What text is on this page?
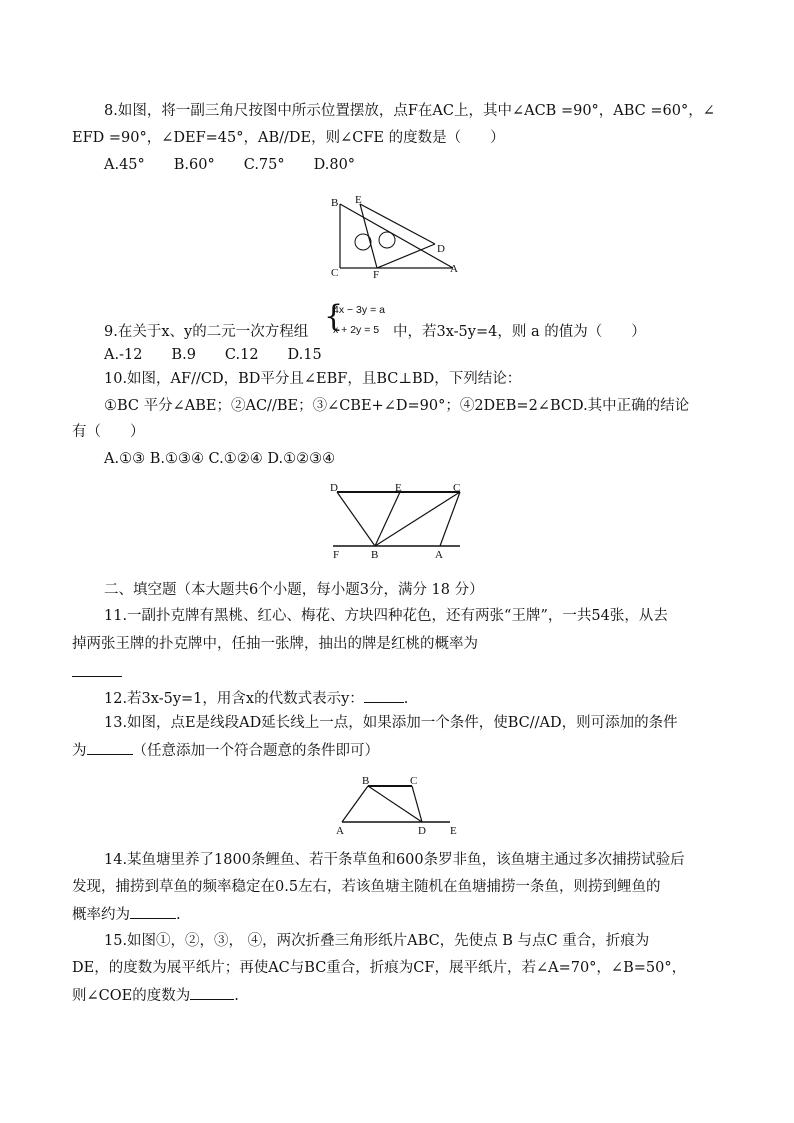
8.如图，将一副三角尺按图中所示位置摆放，点F在AC上，其中∠ACB =90°，ABC =60°，∠
EFD =90°，∠DEF=45°，AB//DE，则∠CFE 的度数是（　　）
A.45°　　B.60°　　C.75°　　D.80°
B E
D
C	F	A
9.在关于x、y的二元一次方程组 {
4x − 3y = a
x + 2y = 5 中，若3x-5y=4，则 a 的值为（　　）
A.-12　　B.9　　C.12　　D.15
10.如图，AF//CD，BD平分且∠EBF，且BC⊥BD，下列结论：
①BC 平分∠ABE；②AC//BE；③∠CBE+∠D=90°；④2DEB=2∠BCD.其中正确的结论
有（　　）
A.①③ B.①③④ C.①②④ D.①②③④
D	E	C
F	B	A
二、填空题（本大题共6个小题，每小题3分，满分 18 分）
11.一副扑克牌有黑桃、红心、梅花、方块四种花色，还有两张“王牌”，一共54张，从去
掉两张王牌的扑克牌中，任抽一张牌，抽出的牌是红桃的概率为
12.若3x-5y=1，用含x的代数式表示y：	.
13.如图，点E是线段AD延长线上一点，如果添加一个条件，使BC//AD，则可添加的条件
为	（任意添加一个符合题意的条件即可）
B	C
A	D E
14.某鱼塘里养了1800条鲤鱼、若干条草鱼和600条罗非鱼，该鱼塘主通过多次捕捞试验后
发现，捕捞到草鱼的频率稳定在0.5左右，若该鱼塘主随机在鱼塘捕捞一条鱼，则捞到鲤鱼的
概率约为	.
15.如图①，②，③， ④，两次折叠三角形纸片ABC，先使点 B 与点C 重合，折痕为
DE，的度数为展平纸片；再使AC与BC重合，折痕为CF，展平纸片，若∠A=70°，∠B=50°，
则∠COE的度数为	.
